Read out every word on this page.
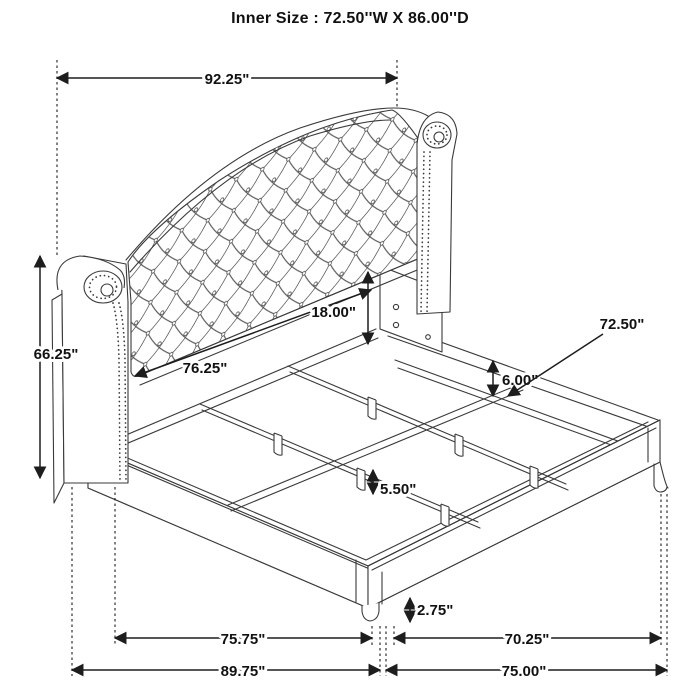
Inner Size : 72.50''W X 86.00''D
92.25"
66.25"
76.25"
18.00"
6.00"
72.50"
5.50"
2.75"
75.75"	70.25"
89.75"	75.00"
